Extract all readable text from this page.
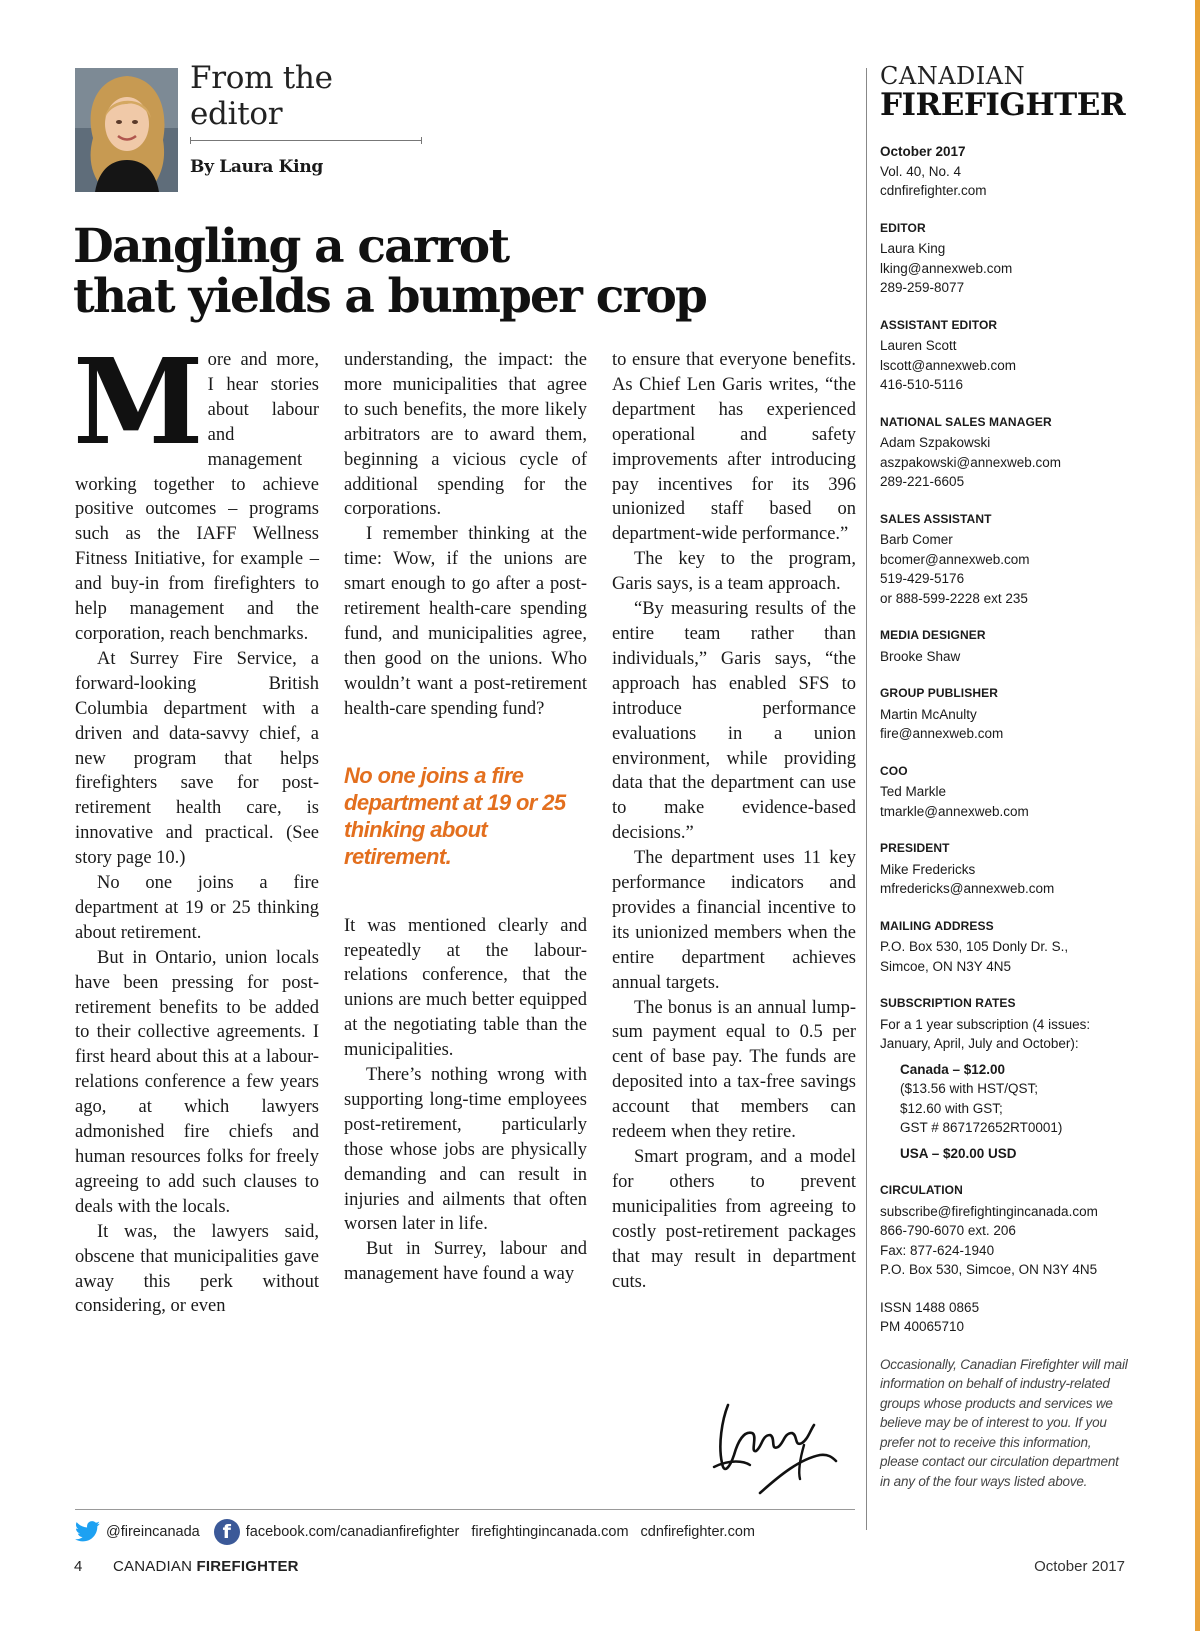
From the editor
By Laura King
Dangling a carrot
that yields a bumper crop

More and more, I hear stories about labour and management working together to achieve positive outcomes – programs such as the IAFF Wellness Fitness Initiative, for example – and buy-in from firefighters to help management and the corporation, reach benchmarks.

At Surrey Fire Service, a forward-looking British Columbia department with a driven and data-savvy chief, a new program that helps firefighters save for post-retirement health care, is innovative and practical. (See story page 10.)

No one joins a fire department at 19 or 25 thinking about retirement.

But in Ontario, union locals have been pressing for post-retirement benefits to be added to their collective agreements. I first heard about this at a labour-relations conference a few years ago, at which lawyers admonished fire chiefs and human resources folks for freely agreeing to add such clauses to deals with the locals.

It was, the lawyers said, obscene that municipalities gave away this perk without considering, or even

understanding, the impact: the more municipalities that agree to such benefits, the more likely arbitrators are to award them, beginning a vicious cycle of additional spending for the corporations.

I remember thinking at the time: Wow, if the unions are smart enough to go after a post-retirement health-care spending fund, and municipalities agree, then good on the unions. Who wouldn’t want a post-retirement health-care spending fund?

No one joins a fire department at 19 or 25 thinking about retirement.

It was mentioned clearly and repeatedly at the labour-relations conference, that the unions are much better equipped at the negotiating table than the municipalities.

There’s nothing wrong with supporting long-time employees post-retirement, particularly those whose jobs are physically demanding and can result in injuries and ailments that often worsen later in life.

But in Surrey, labour and management have found a way

to ensure that everyone benefits. As Chief Len Garis writes, “the department has experienced operational and safety improvements after introducing pay incentives for its 396 unionized staff based on department-wide performance.”

The key to the program, Garis says, is a team approach.

“By measuring results of the entire team rather than individuals,” Garis says, “the approach has enabled SFS to introduce performance evaluations in a union environment, while providing data that the department can use to make evidence-based decisions.”

The department uses 11 key performance indicators and provides a financial incentive to its unionized members when the entire department achieves annual targets.

The bonus is an annual lump-sum payment equal to 0.5 per cent of base pay. The funds are deposited into a tax-free savings account that members can redeem when they retire.

Smart program, and a model for others to prevent municipalities from agreeing to costly post-retirement packages that may result in department cuts.

@fireincanada	f	facebook.com/canadianfirefighter firefightingincanada.com cdnfirefighter.com
4 CANADIAN FIREFIGHTER	October 2017
CANADIAN
FIREFIGHTER
October 2017
Vol. 40, No. 4
cdnfirefighter.com
EDITOR
Laura King
lking@annexweb.com
289-259-8077
ASSISTANT EDITOR
Lauren Scott
lscott@annexweb.com
416-510-5116
NATIONAL SALES MANAGER
Adam Szpakowski
aszpakowski@annexweb.com
289-221-6605
SALES ASSISTANT
Barb Comer
bcomer@annexweb.com
519-429-5176
or 888-599-2228 ext 235
MEDIA DESIGNER
Brooke Shaw
GROUP PUBLISHER
Martin McAnulty
fire@annexweb.com
COO
Ted Markle
tmarkle@annexweb.com
PRESIDENT
Mike Fredericks
mfredericks@annexweb.com
MAILING ADDRESS
P.O. Box 530, 105 Donly Dr. S.,
Simcoe, ON N3Y 4N5
SUBSCRIPTION RATES
For a 1 year subscription (4 issues: January, April, July and October):
Canada – $12.00
($13.56 with HST/QST;
$12.60 with GST;
GST # 867172652RT0001)
USA – $20.00 USD
CIRCULATION
subscribe@firefightingincanada.com
866-790-6070 ext. 206
Fax: 877-624-1940
P.O. Box 530, Simcoe, ON N3Y 4N5
ISSN 1488 0865
PM 40065710
Occasionally, Canadian Firefighter will mail information on behalf of industry-related groups whose products and services we believe may be of interest to you. If you prefer not to receive this information, please contact our circulation department in any of the four ways listed above.
